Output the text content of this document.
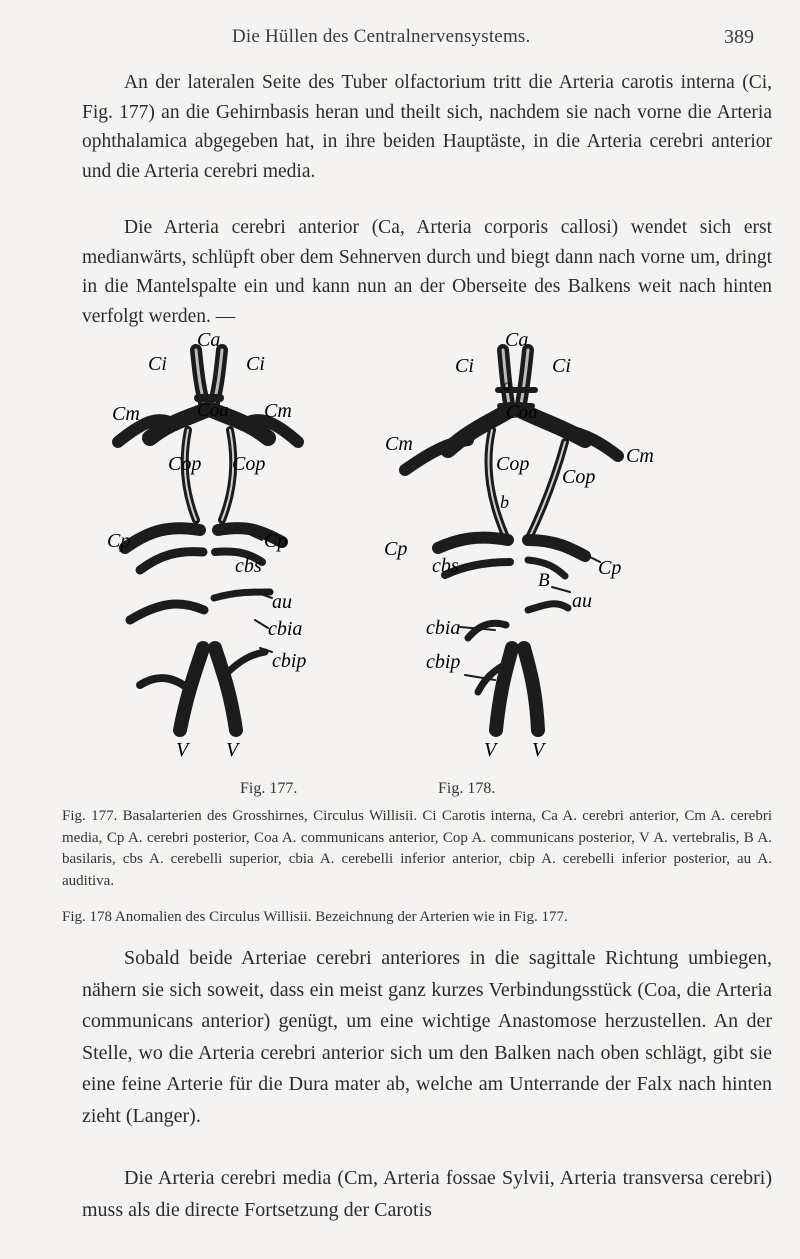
Die Hüllen des Centralnervensystems.	389

An der lateralen Seite des Tuber olfactorium tritt die Arteria carotis interna (Ci, Fig. 177) an die Gehirnbasis heran und theilt sich, nachdem sie nach vorne die Arteria ophthalamica abgegeben hat, in ihre beiden Hauptäste, in die Arteria cerebri anterior und die Arteria cerebri media.

Die Arteria cerebri anterior (Ca, Arteria corporis callosi) wendet sich erst medianwärts, schlüpft ober dem Sehnerven durch und biegt dann nach vorne um, dringt in die Mantelspalte ein und kann nun an der Oberseite des Balkens weit nach hinten verfolgt werden. —

Ca
Ci	Ci
Cm	Cm
Coa
Cop Cop
Cp	Cp
B cbs
au
cbia
cbip
V V
Ca
a
Ci	Ci
Cm
Cm
Coa
Cop
Cop
b
Cp
Cp
B
cbs
au
cbia	c
cbip
V V
Fig. 177.	Fig. 178.

Fig. 177. Basalarterien des Grosshirnes, Circulus Willisii. Ci Carotis interna, Ca A. cerebri anterior, Cm A. cerebri media, Cp A. cerebri posterior, Coa A. communicans anterior, Cop A. communicans posterior, V A. vertebralis, B A. basilaris, cbs A. cerebelli superior, cbia A. cerebelli inferior anterior, cbip A. cerebelli inferior posterior, au A. auditiva.

Fig. 178 Anomalien des Circulus Willisii. Bezeichnung der Arterien wie in Fig. 177.

Sobald beide Arteriae cerebri anteriores in die sagittale Richtung umbiegen, nähern sie sich soweit, dass ein meist ganz kurzes Verbindungsstück (Coa, die Arteria communicans anterior) genügt, um eine wichtige Anastomose herzustellen. An der Stelle, wo die Arteria cerebri anterior sich um den Balken nach oben schlägt, gibt sie eine feine Arterie für die Dura mater ab, welche am Unterrande der Falx nach hinten zieht (Langer).

Die Arteria cerebri media (Cm, Arteria fossae Sylvii, Arteria transversa cerebri) muss als die directe Fortsetzung der Carotis
